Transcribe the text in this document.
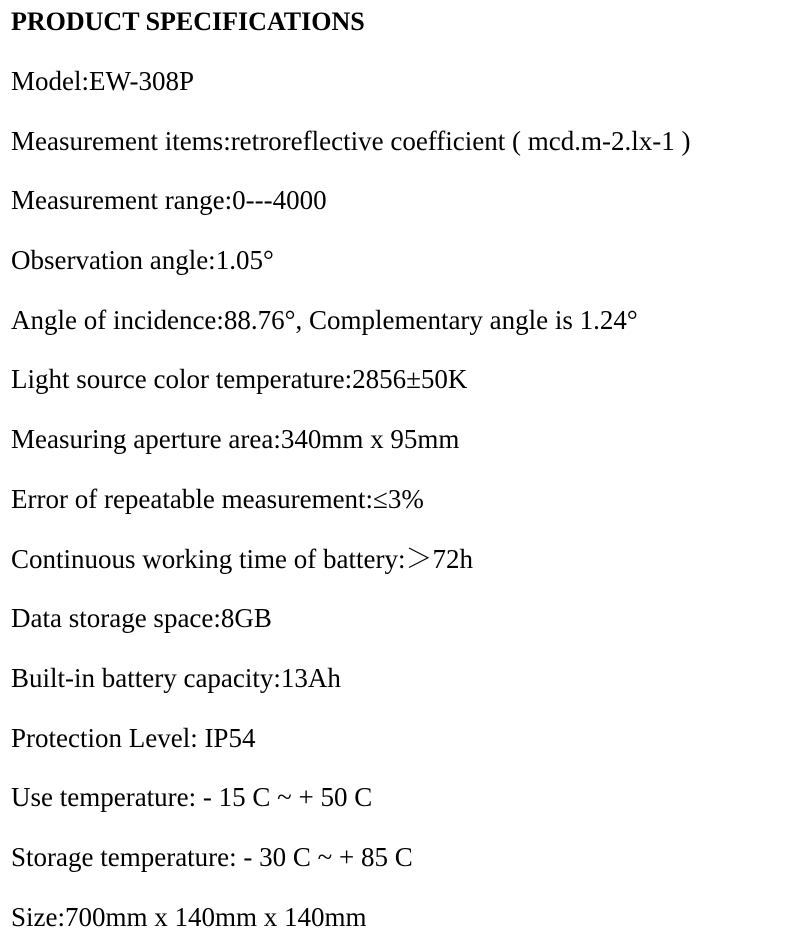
PRODUCT SPECIFICATIONS
Model:EW-308P
Measurement items:retroreflective coefficient ( mcd.m-2.lx-1 )
Measurement range:0---4000
Observation angle:1.05°
Angle of incidence:88.76°, Complementary angle is 1.24°
Light source color temperature:2856±50K
Measuring aperture area:340mm x 95mm
Error of repeatable measurement:≤3%
Continuous working time of battery:＞72h
Data storage space:8GB
Built-in battery capacity:13Ah
Protection Level: IP54
Use temperature: - 15 C ~ + 50 C
Storage temperature: - 30 C ~ + 85 C
Size:700mm x 140mm x 140mm
